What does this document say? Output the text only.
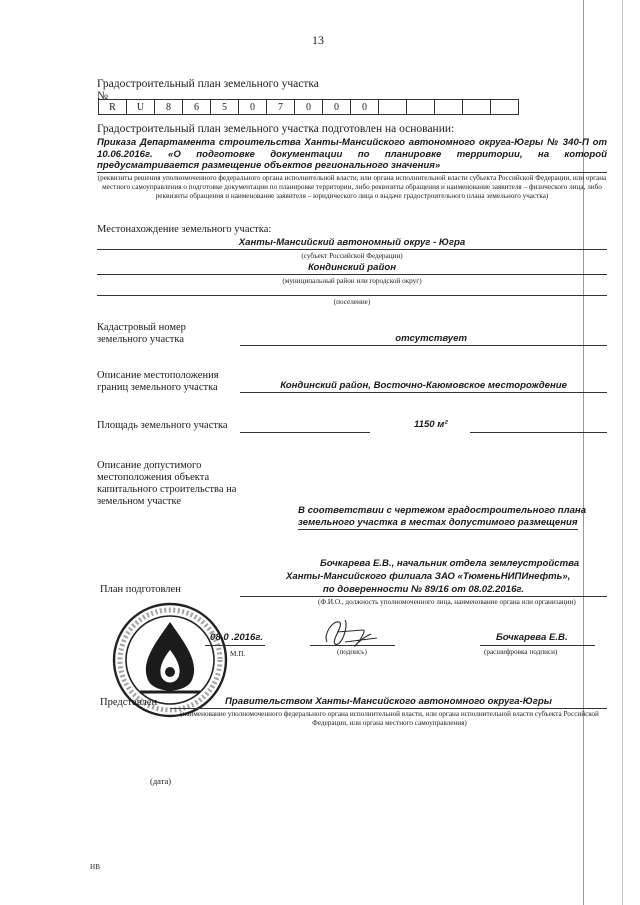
13
Градостроительный план земельного участка
№
R	U	8	6	5	0	7	0	0	0					
Градостроительный план земельного участка подготовлен на основании:
Приказа Департамента строительства Ханты-Мансийского автономного округа-Югры № 340-П от 10.06.2016г. «О подготовке документации по планировке территории, на которой предусматривается размещение объектов регионального значения»
(реквизиты решения уполномоченного федерального органа исполнительной власти, или органа исполнительной власти субъекта Российской Федерации, или органа местного самоуправления о подготовке документации по планировке территории, либо реквизиты обращения и наименование заявителя – физического лица, либо реквизиты обращения и наименование заявителя – юридического лица о выдаче градостроительного плана земельного участка)
Местонахождение земельного участка:
Ханты-Мансийский автономный округ - Югра
(субъект Российской Федерации)
Кондинский район
(муниципальный район или городской округ)
(поселение)
Кадастровый номер земельного участка	отсутствует
Описание местоположения границ земельного участка	Кондинский район, Восточно-Каюмовское месторождение
Площадь земельного участка	1150 м²
Описание допустимого местоположения объекта капитального строительства на земельном участке
В соответствии с чертежом градостроительного плана
земельного участка в местах допустимого размещения
План подготовлен
Бочкарева Е.В., начальник отдела землеустройства
Ханты-Мансийского филиала ЗАО «ТюменьНИПИнефть»,
по доверенности № 89/16 от 08.02.2016г.
(Ф.И.О., должность уполномоченного лица, наименование органа или организации)
08.0 .2016г.
(подпись)
Бочкарева Е.В.
(расшифровка подписи)
М.П.
Представлен	Правительством Ханты-Мансийского автономного округа-Югры
(наименование уполномоченного федерального органа исполнительной власти, или органа исполнительной власти субъекта Российской Федерации, или органа местного самоуправления)
(дата)
HB
